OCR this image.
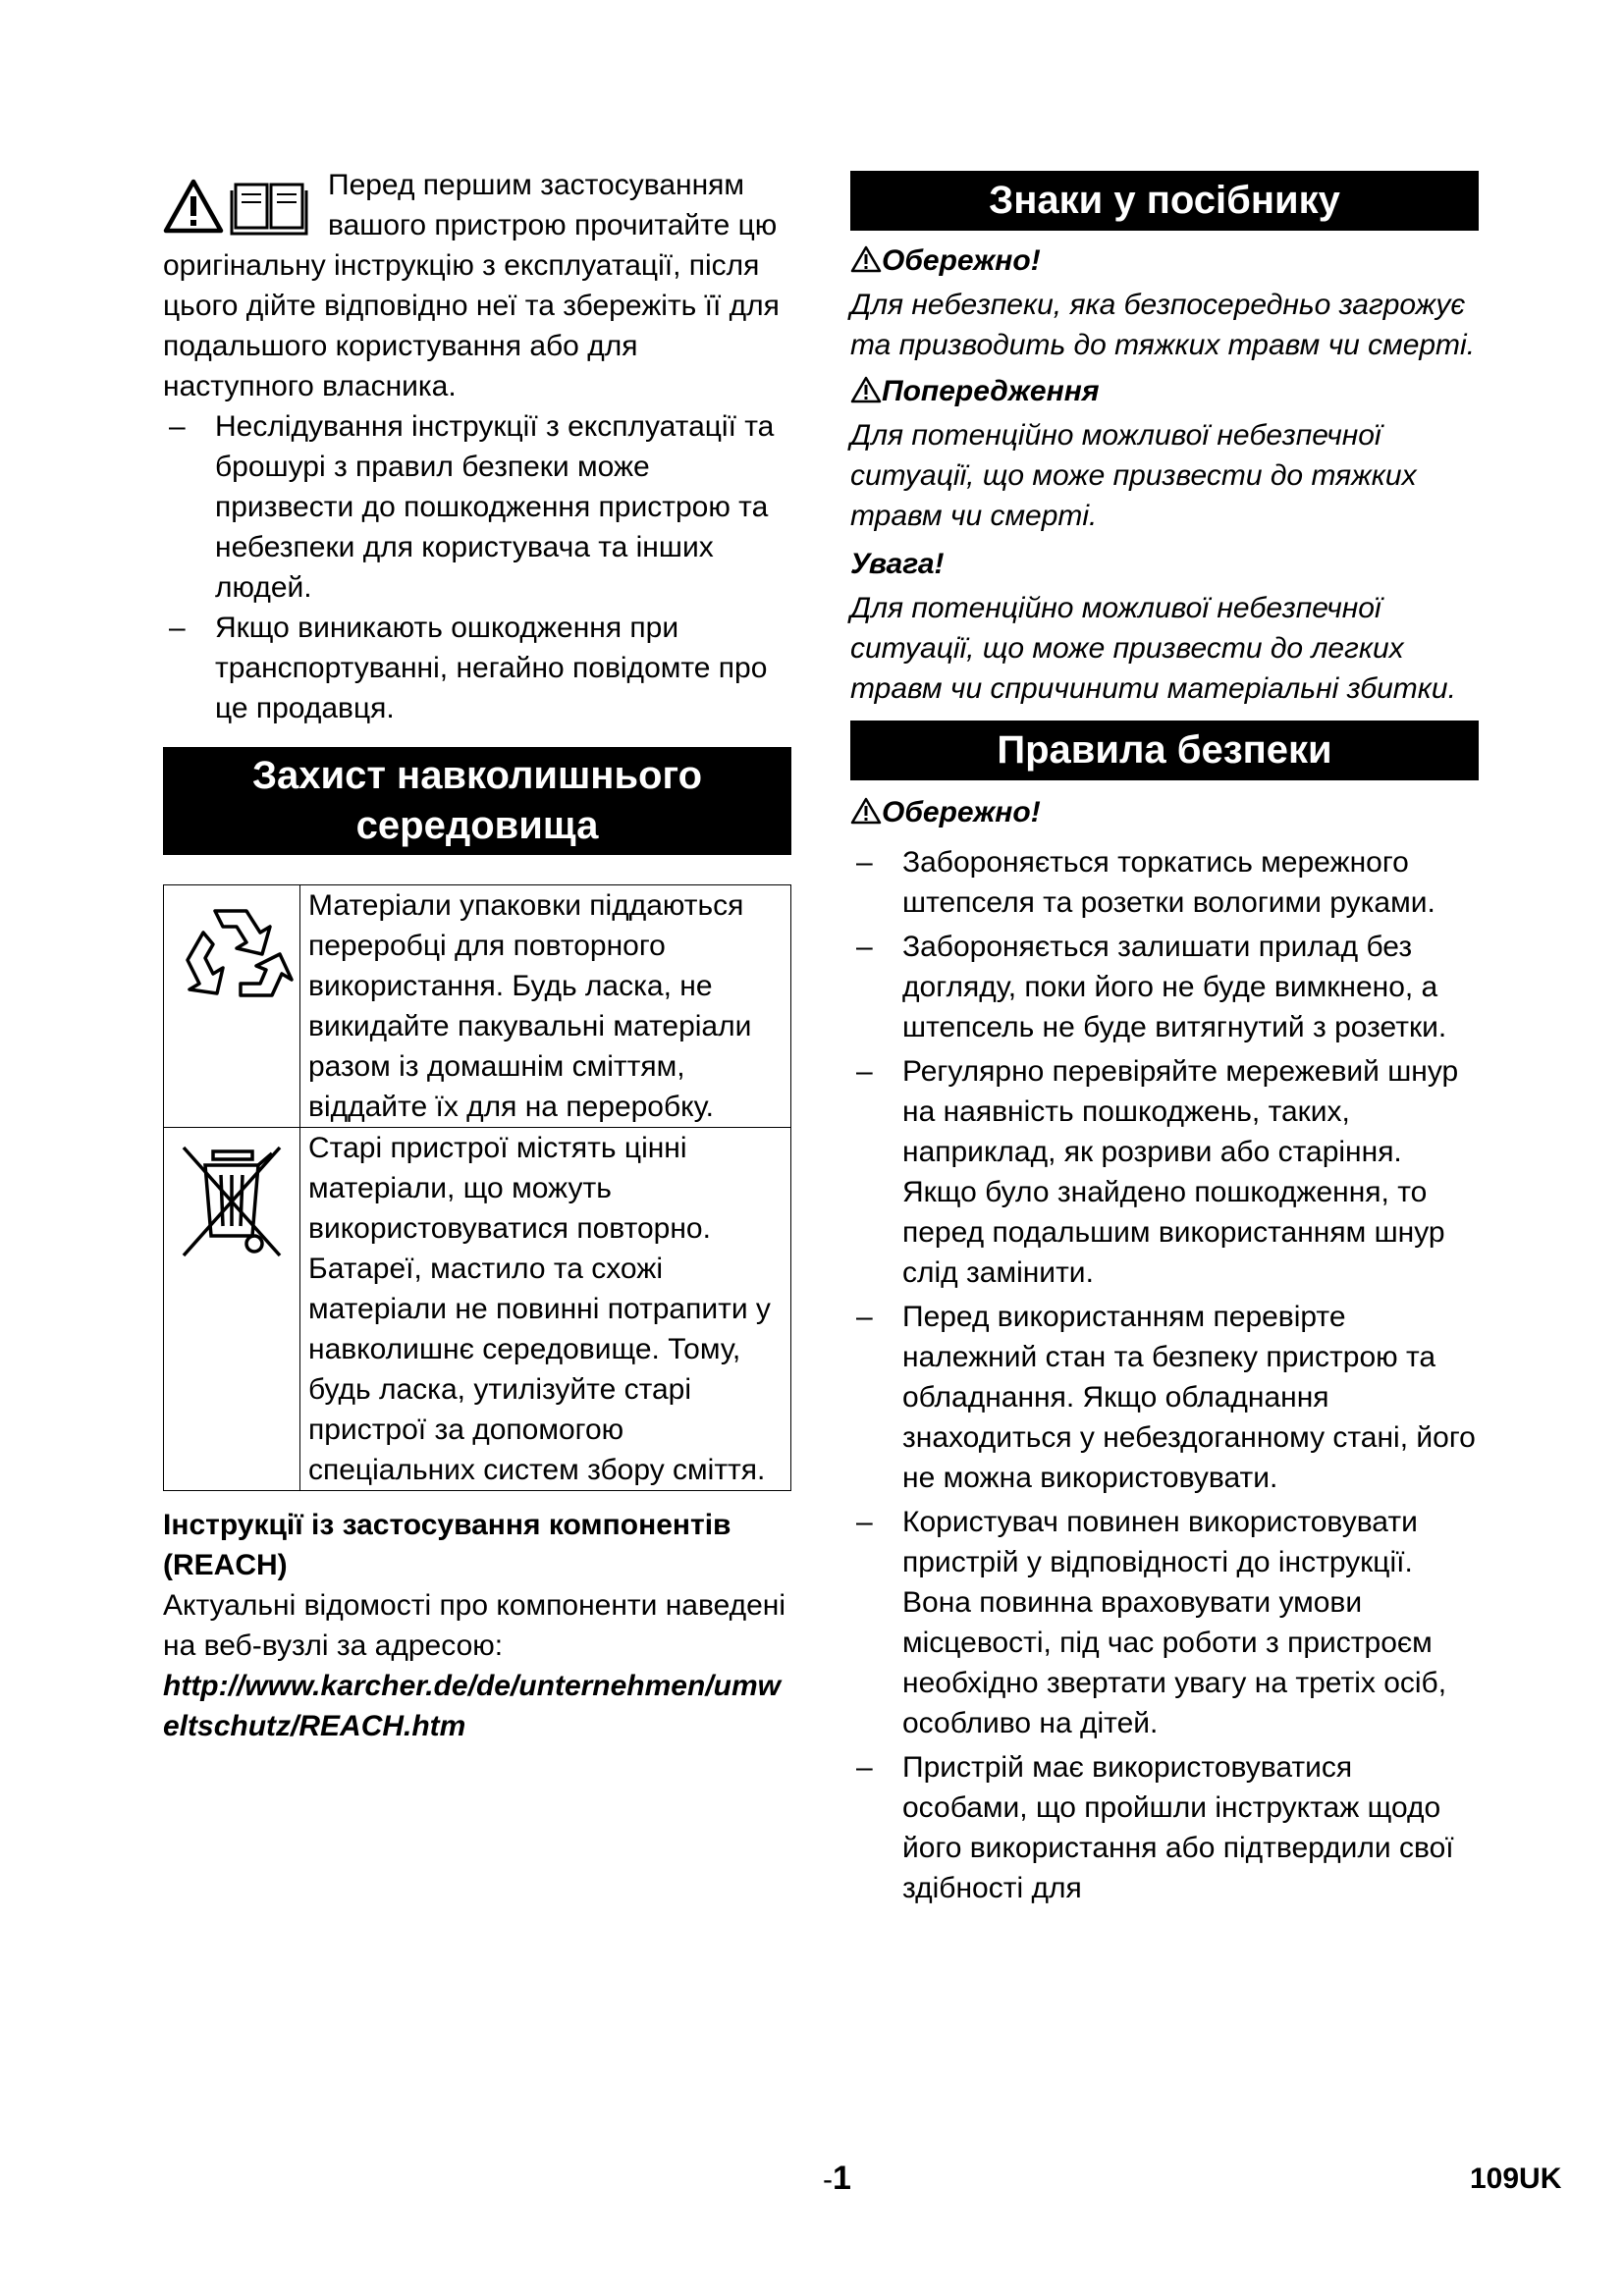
Перед першим застосуванням вашого пристрою прочитайте цю оригінальну інструкцію з експлуатації, після цього дійте відповідно неї та збережіть її для подальшого користування або для наступного власника.
– Неслідування інструкції з експлуатації та брошурі з правил безпеки може призвести до пошкодження пристрою та небезпеки для користувача та інших людей.
– Якщо виникають ошкодження при транспортуванні, негайно повідомте про це продавця.
Захист навколишнього середовища
	Матеріали упаковки піддаються переробці для повторного використання. Будь ласка, не викидайте пакувальні матеріали разом із домашнім сміттям, віддайте їх для на переробку.
	Старі пристрої містять цінні матеріали, що можуть використовуватися повторно. Батареї, мастило та схожі матеріали не повинні потрапити у навколишнє середовище. Тому, будь ласка, утилізуйте старі пристрої за допомогою спеціальних систем збору сміття.
Інструкції із застосування компонентів (REACH)
Актуальні відомості про компоненти наведені на веб-вузлі за адресою:
http://www.karcher.de/de/unternehmen/umweltschutz/REACH.htm
Знаки у посібнику
Обережно!
Для небезпеки, яка безпосередньо загрожує та призводить до тяжких травм чи смерті.
Попередження
Для потенційно можливої небезпечної ситуації, що може призвести до тяжких травм чи смерті.
Увага!
Для потенційно можливої небезпечної ситуації, що може призвести до легких травм чи спричинити матеріальні збитки.
Правила безпеки
Обережно!
– Забороняється торкатись мережного штепселя та розетки вологими руками.
– Забороняється залишати прилад без догляду, поки його не буде вимкнено, а штепсель не буде витягнутий з розетки.
– Регулярно перевіряйте мережевий шнур на наявність пошкоджень, таких, наприклад, як розриви або старіння. Якщо було знайдено пошкодження, то перед подальшим використанням шнур слід замінити.
– Перед використанням перевірте належний стан та безпеку пристрою та обладнання. Якщо обладнання знаходиться у небездоганному стані, його не можна використовувати.
– Користувач повинен використовувати пристрій у відповідності до інструкції. Вона повинна враховувати умови місцевості, під час роботи з пристроєм необхідно звертати увагу на третіх осіб, особливо на дітей.
– Пристрій має використовуватися особами, що пройшли інструктаж щодо його використання або підтвердили свої здібності для
-1	109UK
